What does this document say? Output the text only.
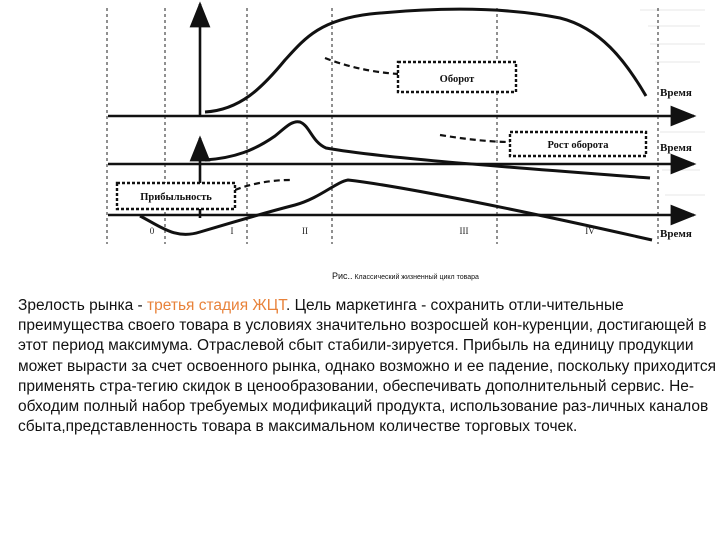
Оборот
Рост оборота
Прибыльность
Время
Время
Время
0	I	II	III	IV
Рис.. Классический жизненный цикл товара
Зрелость рынка - третья стадия ЖЦТ. Цель маркетинга - сохранить отли-чительные преимущества своего товара в условиях значительно возросшей кон-куренции, достигающей в этот период максимума. Отраслевой сбыт стабили-зируется. Прибыль на единицу продукции может вырасти за счет освоенного рынка, однако возможно и ее падение, поскольку приходится применять стра-тегию скидок в ценообразовании, обеспечивать дополнительный сервис. Не-обходим полный набор требуемых модификаций продукта, использование раз-личных каналов сбыта,представленность товара в максимальном количестве торговых точек.
